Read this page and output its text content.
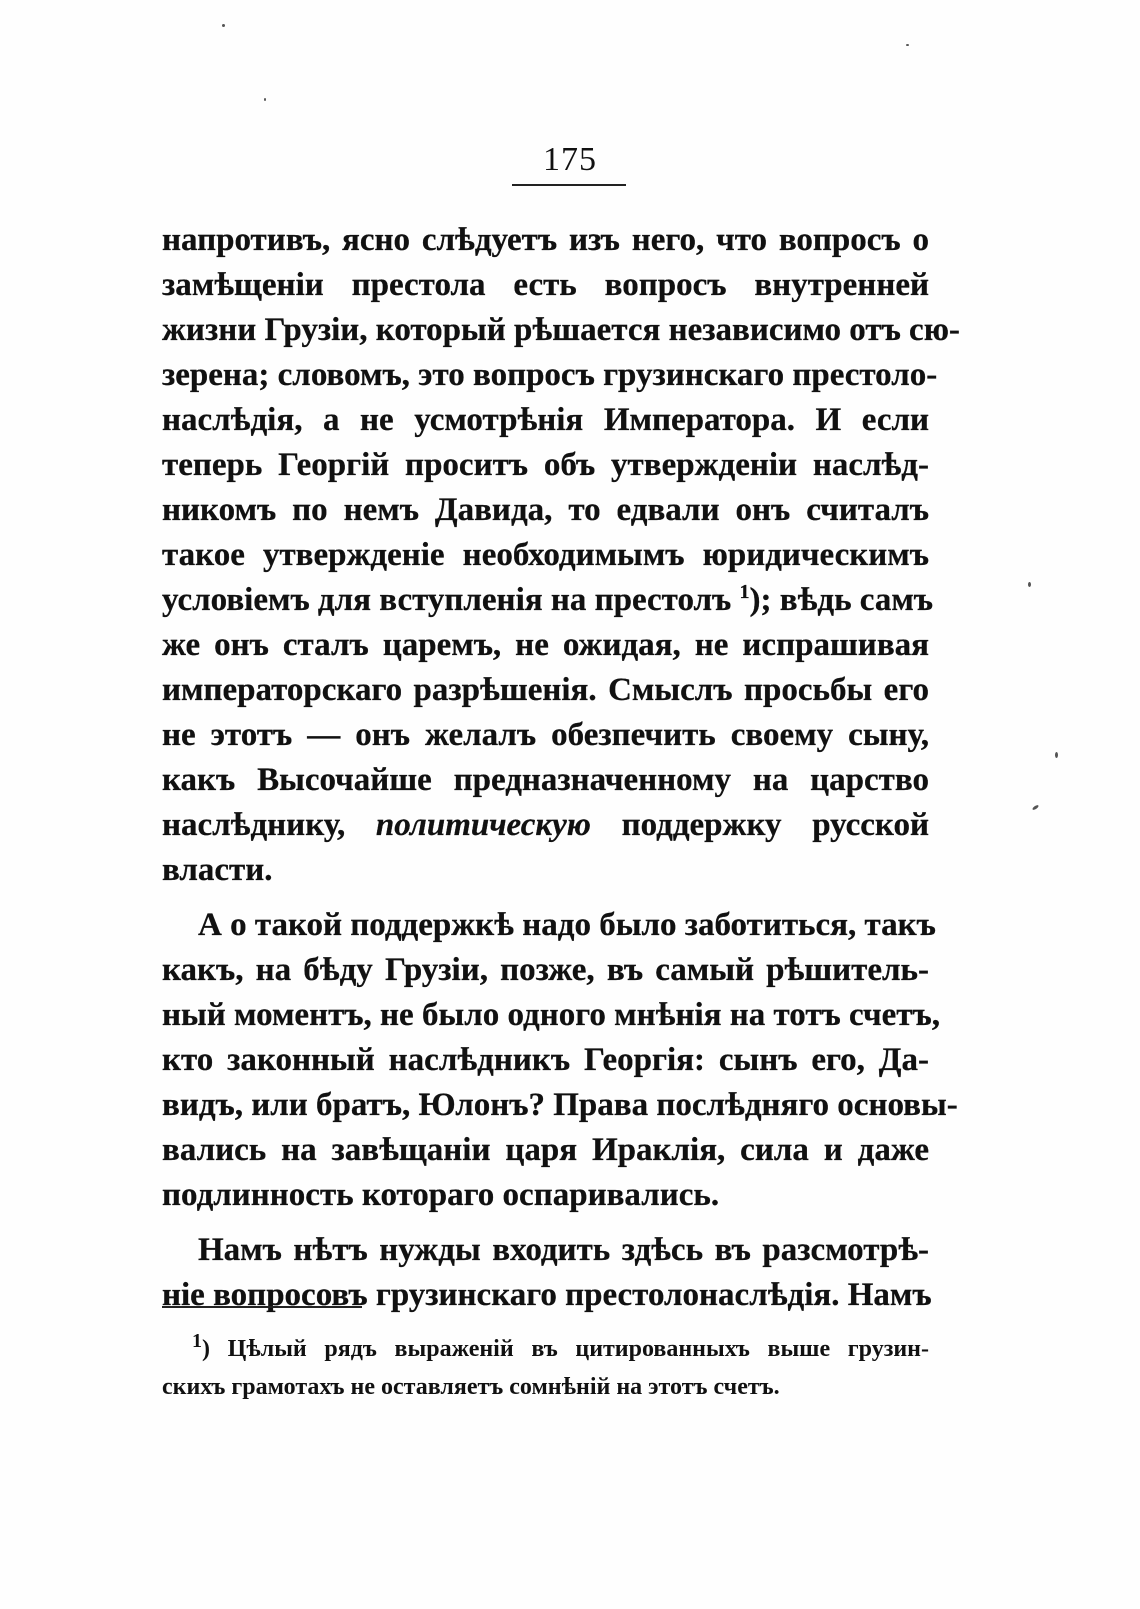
175
напротивъ, ясно слѣдуетъ изъ него, что вопросъ о
замѣщенiи престола есть вопросъ внутренней
жизни Грузiи, который рѣшается независимо отъ сю-
зерена; словомъ, это вопросъ грузинскаго престоло-
наслѣдiя, а не усмотрѣнiя Императора. И если
теперь Георгiй проситъ объ утвержденiи наслѣд-
никомъ по немъ Давида, то едвали онъ считалъ
такое утвержденiе необходимымъ юридическимъ
условiемъ для вступленiя на престолъ $^1$); вѣдь самъ
же онъ сталъ царемъ, не ожидая, не испрашивая
императорскаго разрѣшенiя. Смыслъ просьбы его
не этотъ — онъ желалъ обезпечить своему сыну,
какъ Высочайше предназначенному на царство
наслѣднику, политическую поддержку русской
власти.
А о такой поддержкѣ надо было заботиться, такъ
какъ, на бѣду Грузiи, позже, въ самый рѣшитель-
ный моментъ, не было одного мнѣнiя на тотъ счетъ,
кто законный наслѣдникъ Георгiя: сынъ его, Да-
видъ, или братъ, Юлонъ? Права послѣдняго основы-
вались на завѣщанiи царя Ираклiя, сила и даже
подлинность котораго оспаривались.
Намъ нѣтъ нужды входить здѣсь въ разсмотрѣ-
нiе вопросовъ грузинскаго престолонаслѣдiя. Намъ
$^1$) Цѣлый рядъ выраженiй въ цитированныхъ выше грузин-
скихъ грамотахъ не оставляетъ сомнѣнiй на этотъ счетъ.
